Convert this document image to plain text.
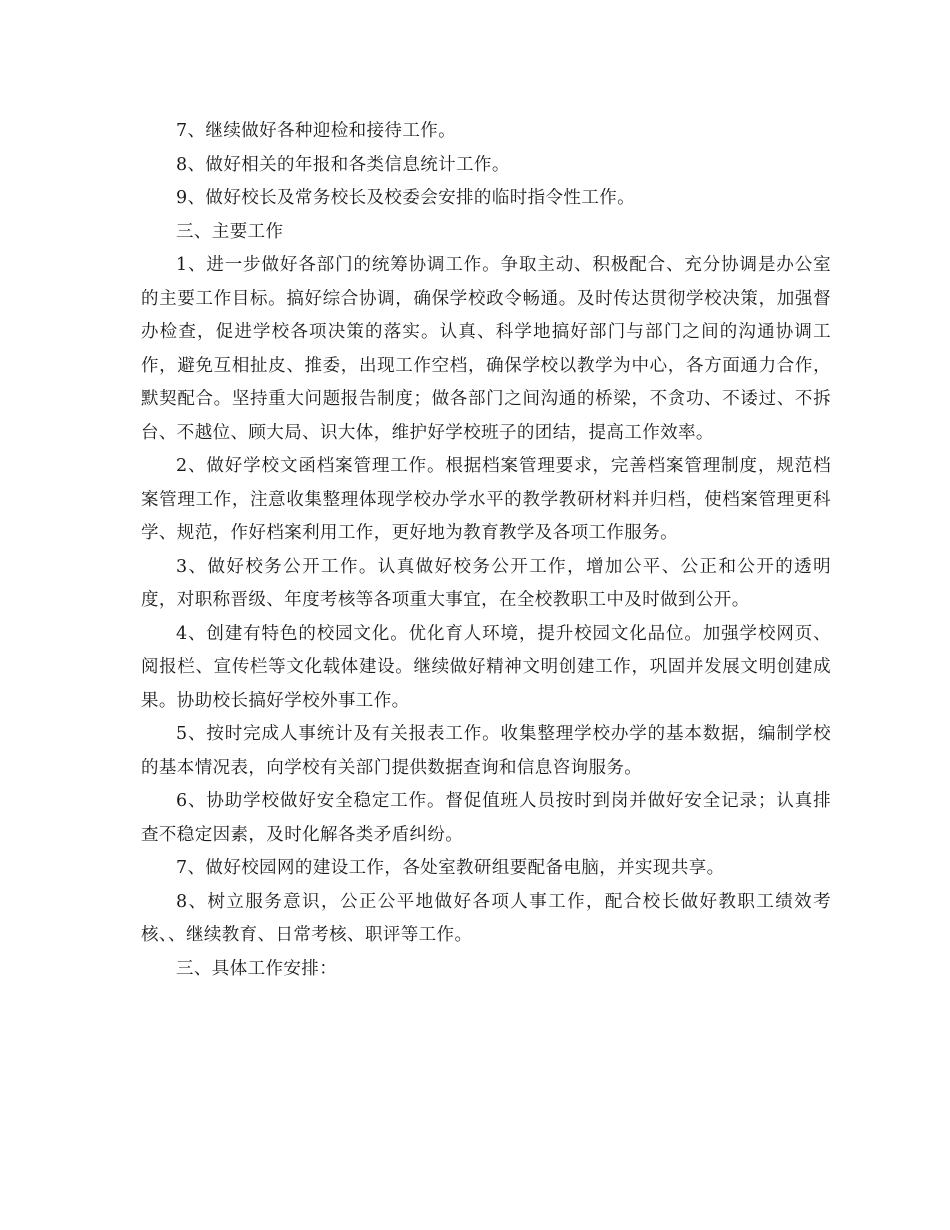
7、继续做好各种迎检和接待工作。

8、做好相关的年报和各类信息统计工作。

9、做好校长及常务校长及校委会安排的临时指令性工作。

三、主要工作

1、进一步做好各部门的统筹协调工作。争取主动、积极配合、充分协调是办公室的主要工作目标。搞好综合协调，确保学校政令畅通。及时传达贯彻学校决策，加强督办检查，促进学校各项决策的落实。认真、科学地搞好部门与部门之间的沟通协调工作，避免互相扯皮、推委，出现工作空档，确保学校以教学为中心，各方面通力合作，默契配合。坚持重大问题报告制度；做各部门之间沟通的桥梁，不贪功、不诿过、不拆台、不越位、顾大局、识大体，维护好学校班子的团结，提高工作效率。

2、做好学校文函档案管理工作。根据档案管理要求，完善档案管理制度，规范档案管理工作，注意收集整理体现学校办学水平的教学教研材料并归档，使档案管理更科学、规范，作好档案利用工作，更好地为教育教学及各项工作服务。

3、做好校务公开工作。认真做好校务公开工作，增加公平、公正和公开的透明度，对职称晋级、年度考核等各项重大事宜，在全校教职工中及时做到公开。

4、创建有特色的校园文化。优化育人环境，提升校园文化品位。加强学校网页、阅报栏、宣传栏等文化载体建设。继续做好精神文明创建工作，巩固并发展文明创建成果。协助校长搞好学校外事工作。

5、按时完成人事统计及有关报表工作。收集整理学校办学的基本数据，编制学校的基本情况表，向学校有关部门提供数据查询和信息咨询服务。

6、协助学校做好安全稳定工作。督促值班人员按时到岗并做好安全记录；认真排查不稳定因素，及时化解各类矛盾纠纷。

7、做好校园网的建设工作，各处室教研组要配备电脑，并实现共享。

8、树立服务意识，公正公平地做好各项人事工作，配合校长做好教职工绩效考核、、继续教育、日常考核、职评等工作。

三、具体工作安排：
